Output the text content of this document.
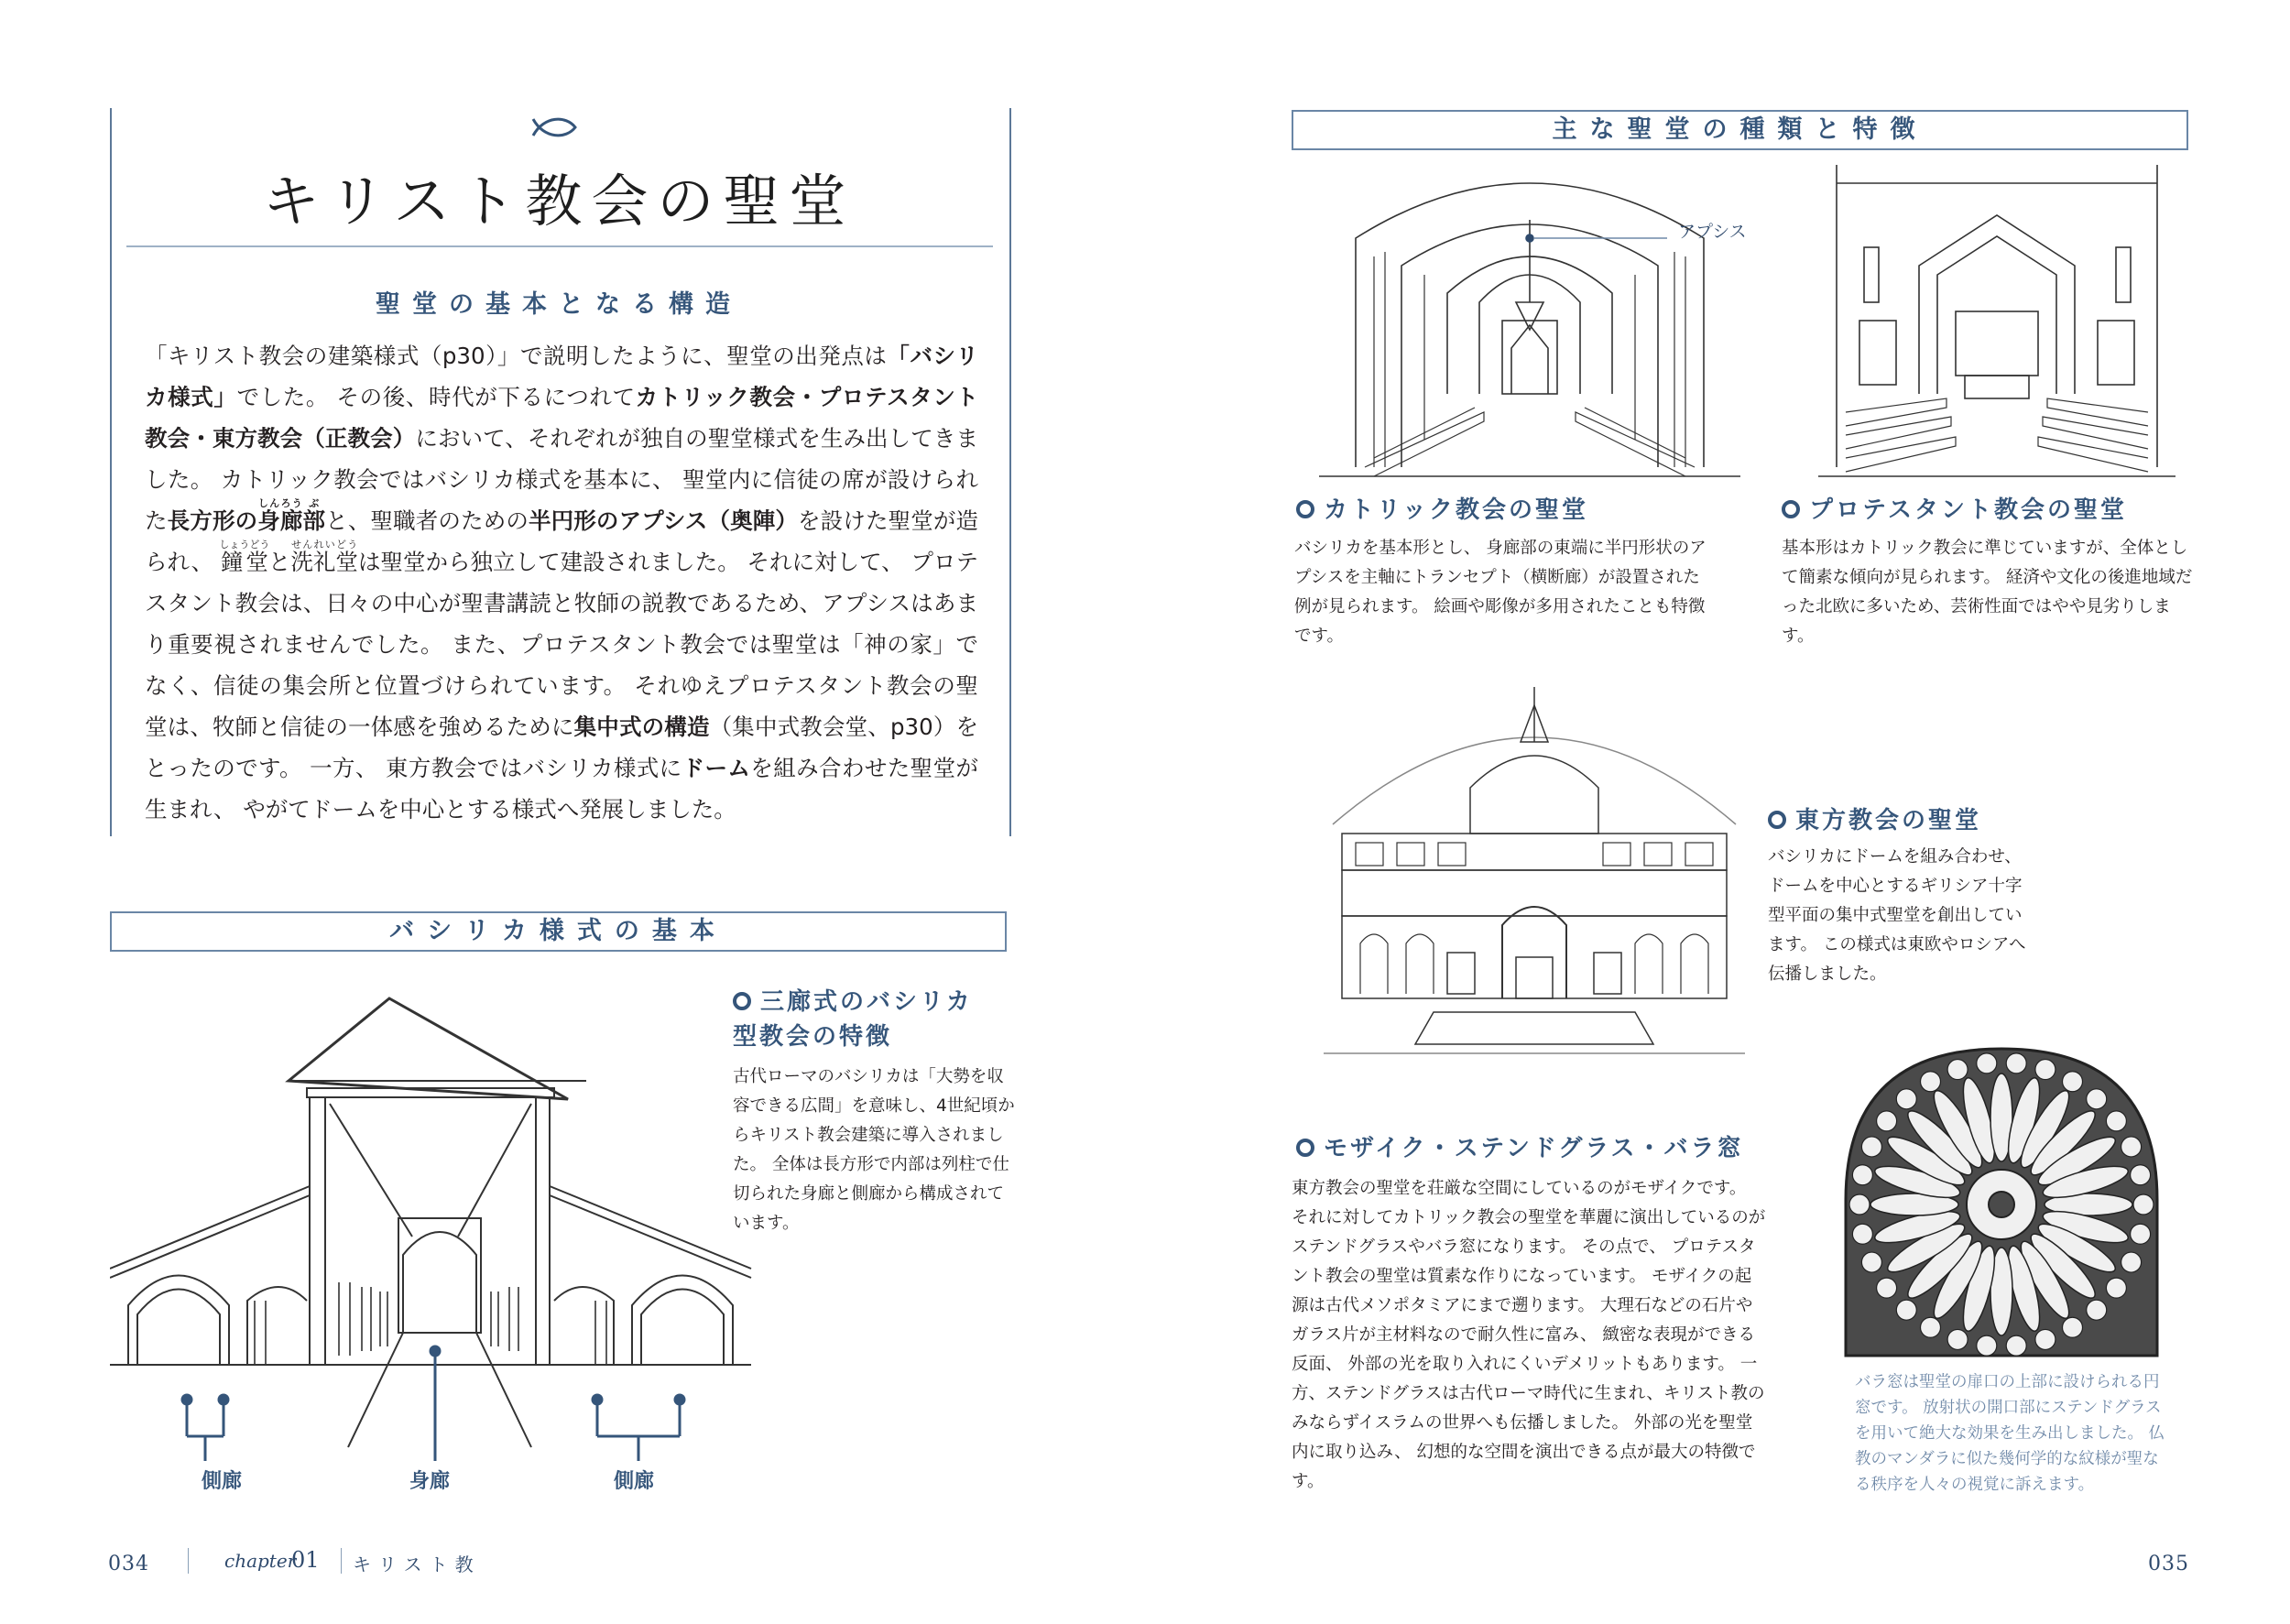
キリスト教会の聖堂
聖堂の基本となる構造
「キリスト教会の建築様式（p30）」で説明したように、聖堂の出発点は「バシリカ様式」でした。 その後、時代が下るにつれてカトリック教会・プロテスタント教会・東方教会（正教会）において、それぞれが独自の聖堂様式を生み出してきました。 カトリック教会ではバシリカ様式を基本に、 聖堂内に信徒の席が設けられた長方形の身廊しんろう部ぶと、聖職者のための半円形のアプシス（奥陣）を設けた聖堂が造られ、 鐘堂しょうどうと洗礼堂せんれいどうは聖堂から独立して建設されました。 それに対して、 プロテスタント教会は、日々の中心が聖書講読と牧師の説教であるため、アプシスはあまり重要視されませんでした。 また、プロテスタント教会では聖堂は「神の家」でなく、信徒の集会所と位置づけられています。 それゆえプロテスタント教会の聖堂は、牧師と信徒の一体感を強めるために集中式の構造（集中式教会堂、p30）をとったのです。 一方、 東方教会ではバシリカ様式にドームを組み合わせた聖堂が生まれ、 やがてドームを中心とする様式へ発展しました。
バシリカ様式の基本
三廊式のバシリカ
型教会の特徴
古代ローマのバシリカは「大勢を収容できる広間」を意味し、4世紀頃からキリスト教会建築に導入されました。 全体は長方形で内部は列柱で仕切られた身廊と側廊から構成されています。
側廊	身廊	側廊
主な聖堂の種類と特徴
アプシス
カトリック教会の聖堂
バシリカを基本形とし、 身廊部の東端に半円形状のアプシスを主軸にトランセプト（横断廊）が設置された例が見られます。 絵画や彫像が多用されたことも特徴です。
プロテスタント教会の聖堂
基本形はカトリック教会に準じていますが、全体として簡素な傾向が見られます。 経済や文化の後進地域だった北欧に多いため、芸術性面ではやや見劣りします。
東方教会の聖堂
バシリカにドームを組み合わせ、ドームを中心とするギリシア十字型平面の集中式聖堂を創出しています。 この様式は東欧やロシアへ伝播しました。
モザイク・ステンドグラス・バラ窓
東方教会の聖堂を荘厳な空間にしているのがモザイクです。 それに対してカトリック教会の聖堂を華麗に演出しているのがステンドグラスやバラ窓になります。 その点で、 プロテスタント教会の聖堂は質素な作りになっています。 モザイクの起源は古代メソポタミアにまで遡ります。 大理石などの石片やガラス片が主材料なので耐久性に富み、 緻密な表現ができる反面、 外部の光を取り入れにくいデメリットもあります。 一方、ステンドグラスは古代ローマ時代に生まれ、キリスト教のみならずイスラムの世界へも伝播しました。 外部の光を聖堂内に取り込み、 幻想的な空間を演出できる点が最大の特徴です。
バラ窓は聖堂の扉口の上部に設けられる円窓です。 放射状の開口部にステンドグラスを用いて絶大な効果を生み出しました。 仏教のマンダラに似た幾何学的な紋様が聖なる秩序を人々の視覚に訴えます。
034	chapter
01 キリスト教	035
